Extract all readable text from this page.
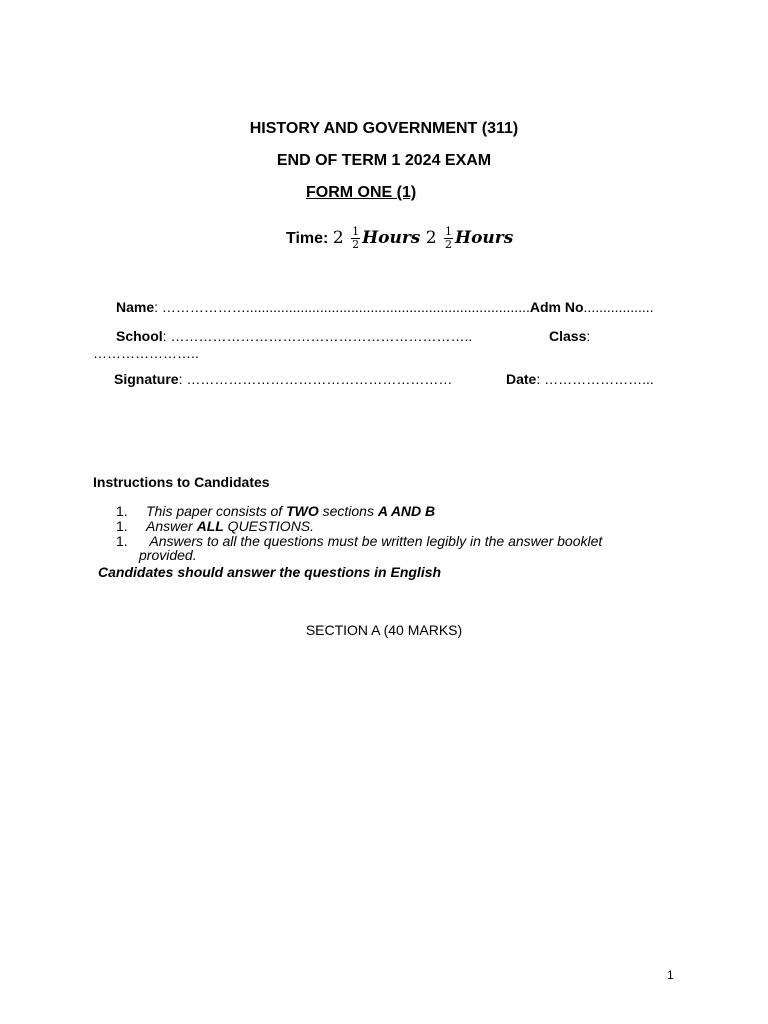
HISTORY AND GOVERNMENT (311)
END OF TERM 1 2024 EXAM
FORM ONE (1)
Time: $2 \frac{1}{2}$ Hours $2 \frac{1}{2}$ Hours
Name: ……………….........................................................................Adm No..................
School: ………………………………………………………..	Class:
…………………..
Signature: …………………………………………………	Date: …………………...
Instructions to Candidates
1. This paper consists of TWO sections A AND B
1. Answer ALL QUESTIONS.
1. Answers to all the questions must be written legibly in the answer booklet
provided.
Candidates should answer the questions in English
SECTION A (40 MARKS)
1
